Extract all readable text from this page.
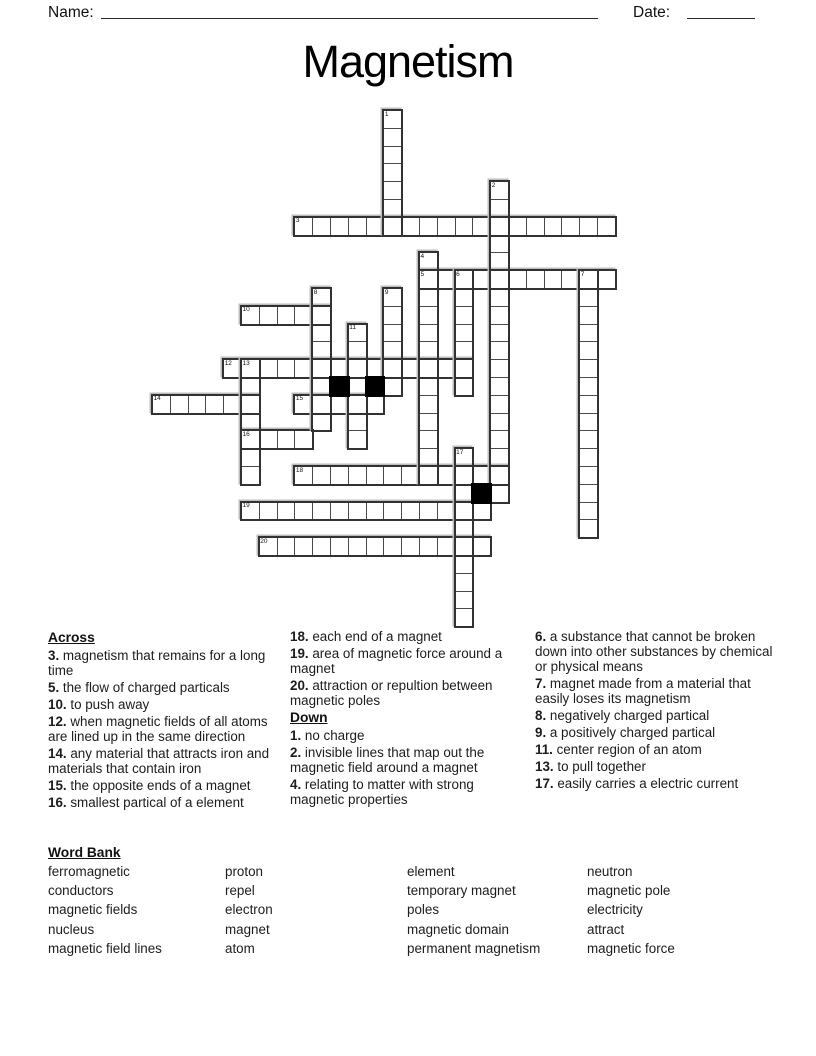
Name:	Date:
Magnetism
3
5
10
12
14	15
16
18
19
20
1
2
4
6	7
8	9
11
13
17
Across
3. magnetism that remains for a long time
5. the flow of charged particals
10. to push away
12. when magnetic fields of all atoms are lined up in the same direction
14. any material that attracts iron and materials that contain iron
15. the opposite ends of a magnet
16. smallest partical of a element
18. each end of a magnet
19. area of magnetic force around a magnet
20. attraction or repultion between magnetic poles
Down
1. no charge
2. invisible lines that map out the magnetic field around a magnet
4. relating to matter with strong magnetic properties
6. a substance that cannot be broken down into other substances by chemical or physical means
7. magnet made from a material that easily loses its magnetism
8. negatively charged partical
9. a positively charged partical
11. center region of an atom
13. to pull together
17. easily carries a electric current
Word Bank
ferromagnetic
conductors
magnetic fields
nucleus
magnetic field lines
proton
repel
electron
magnet
atom
element
temporary magnet
poles
magnetic domain
permanent magnetism
neutron
magnetic pole
electricity
attract
magnetic force
